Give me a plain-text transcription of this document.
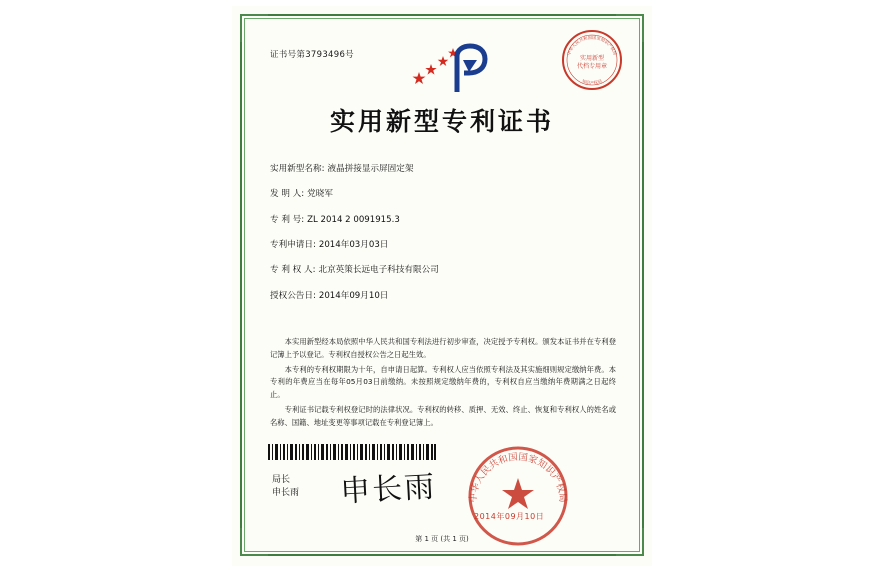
证书号第3793496号	中华人民共和国国家知识产权局
实用新型
代档专用章
知识产权局
实用新型专利证书
实用新型名称: 液晶拼接显示屏固定架
发 明 人: 党晓军
专 利 号: ZL 2014 2 0091915.3
专利申请日: 2014年03月03日
专 利 权 人: 北京英策长远电子科技有限公司
授权公告日: 2014年09月10日

本实用新型经本局依照中华人民共和国专利法进行初步审查，决定授予专利权。颁发本证书并在专利登记簿上予以登记。专利权自授权公告之日起生效。

本专利的专利权期限为十年，自申请日起算。专利权人应当依照专利法及其实施细则规定缴纳年费。本专利的年费应当在每年05月03日前缴纳。未按照规定缴纳年费的，专利权自应当缴纳年费期满之日起终止。

专利证书记载专利权登记时的法律状况。专利权的转移、质押、无效、终止、恢复和专利权人的姓名或名称、国籍、地址变更等事项记载在专利登记簿上。

局长
申长雨 申长雨	中华人民共和国国家知识产权局
2014年09月10日
第 1 页 (共 1 页)
